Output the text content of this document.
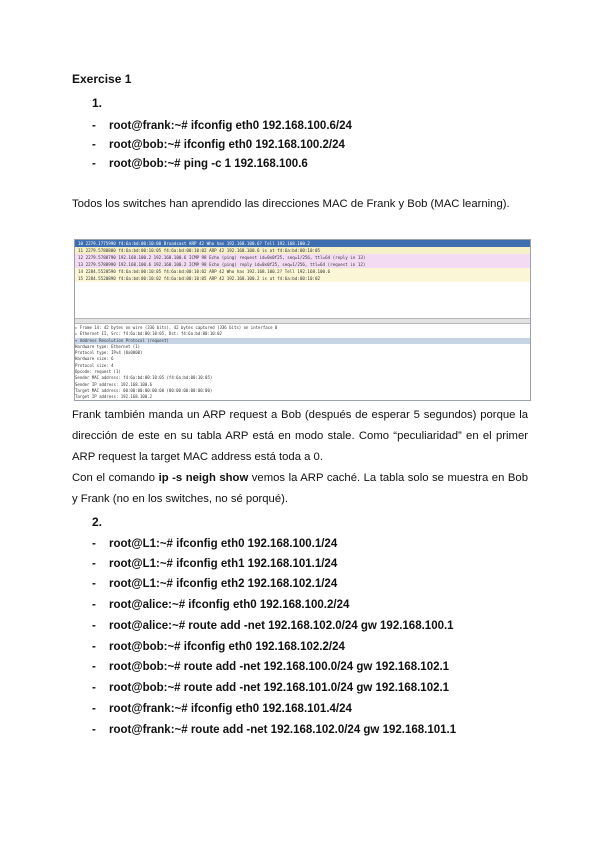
Exercise 1
1.
- root@frank:~# ifconfig eth0 192.168.100.6/24
- root@bob:~# ifconfig eth0 192.168.100.2/24
- root@bob:~# ping -c 1 192.168.100.6
Todos los switches han aprendido las direcciones MAC de Frank y Bob (MAC learning).
10 2279.1775990 f4:6a:bd:00:10:00 Broadcast ARP 42 Who has 192.168.100.6? Tell 192.168.100.2
11 2279.5788800 f4:6a:bd:00:10:05 f4:6a:bd:00:10:02 ARP 42 192.168.100.6 is at f4:6a:bd:00:10:05
12 2279.5788790 192.168.100.2 192.168.100.6 ICMP 98 Echo (ping) request id=0x0f25, seq=1/256, ttl=64 (reply in 13)
13 2279.5788990 192.168.100.6 192.168.100.2 ICMP 98 Echo (ping) reply id=0x0f25, seq=1/256, ttl=64 (request in 12)
14 2284.5520590 f4:6a:bd:00:10:05 f4:6a:bd:00:10:02 ARP 42 Who has 192.168.100.2? Tell 192.168.100.6
15 2284.5520890 f4:6a:bd:00:10:02 f4:6a:bd:00:10:05 ARP 42 192.168.100.2 is at f4:6a:bd:00:10:02
▸ Frame 14: 42 bytes on wire (336 bits), 42 bytes captured (336 bits) on interface 0
▸ Ethernet II, Src: f4:6a:bd:00:10:05, Dst: f4:6a:bd:00:10:02
▾ Address Resolution Protocol (request)
Hardware type: Ethernet (1)
Protocol type: IPv4 (0x0800)
Hardware size: 6
Protocol size: 4
Opcode: request (1)
Sender MAC address: f4:6a:bd:00:10:05 (f4:6a:bd:00:10:05)
Sender IP address: 192.168.100.6
Target MAC address: 00:00:00:00:00:00 (00:00:00:00:00:00)
Target IP address: 192.168.100.2
Frank también manda un ARP request a Bob (después de esperar 5 segundos) porque la dirección de este en su tabla ARP está en modo stale. Como “peculiaridad” en el primer ARP request la target MAC address está toda a 0.
Con el comando ip -s neigh show vemos la ARP caché. La tabla solo se muestra en Bob y Frank (no en los switches, no sé porqué).
2.
- root@L1:~# ifconfig eth0 192.168.100.1/24
- root@L1:~# ifconfig eth1 192.168.101.1/24
- root@L1:~# ifconfig eth2 192.168.102.1/24
- root@alice:~# ifconfig eth0 192.168.100.2/24
- root@alice:~# route add -net 192.168.102.0/24 gw 192.168.100.1
- root@bob:~# ifconfig eth0 192.168.102.2/24
- root@bob:~# route add -net 192.168.100.0/24 gw 192.168.102.1
- root@bob:~# route add -net 192.168.101.0/24 gw 192.168.102.1
- root@frank:~# ifconfig eth0 192.168.101.4/24
- root@frank:~# route add -net 192.168.102.0/24 gw 192.168.101.1
